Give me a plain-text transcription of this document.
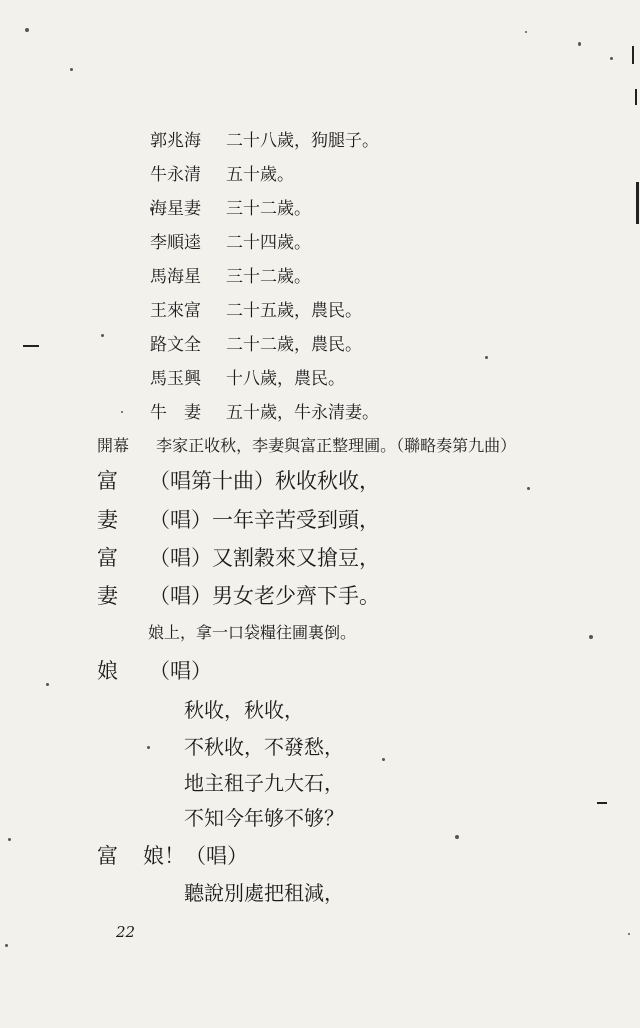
郭兆海	二十八歲，狗腿子。
牛永清	五十歲。
海星妻	三十二歲。
李順逵	二十四歲。
馬海星	三十二歲。
王來富	二十五歲，農民。
路文全	二十二歲，農民。
馬玉興	十八歲，農民。
牛　妻	五十歲，牛永清妻。
開幕 李家正收秋，李妻與富正整理圃。（聯略奏第九曲）
富	（唱第十曲）秋收秋收，
妻	（唱）一年辛苦受到頭，
富	（唱）又割穀來又搶豆，
妻	（唱）男女老少齊下手。
娘上，拿一口袋糧往圃裏倒。
娘	（唱）
秋收，秋收，
不秋收，不發愁，
地主租子九大石，
不知今年够不够？
富	娘！（唱）
聽說別處把租減，
22
